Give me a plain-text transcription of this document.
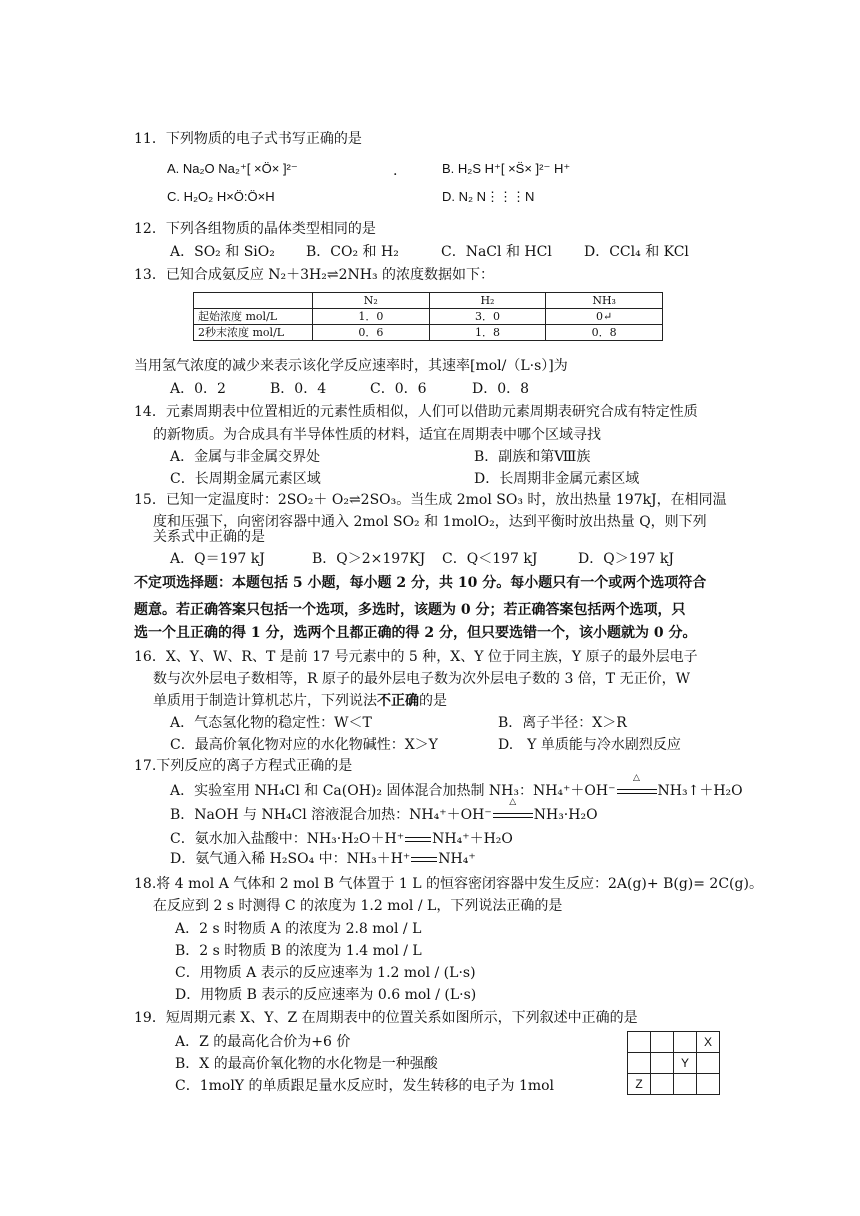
11．下列物质的电子式书写正确的是
A. Na₂O Na₂⁺[ ×Ö× ]²⁻	.	B. H₂S H⁺[ ×S̈× ]²⁻ H⁺
C. H₂O₂ H×Ö:Ö×H	D. N₂ N⋮⋮⋮N
12．下列各组物质的晶体类型相同的是
A．SO₂ 和 SiO₂ B．CO₂ 和 H₂	C．NaCl 和 HCl D．CCl₄ 和 KCl
13．已知合成氨反应 N₂＋3H₂⇌2NH₃ 的浓度数据如下：
	N₂	H₂	NH₃
起始浓度 mol/L	1．0	3．0	0↵
2秒末浓度 mol/L	0．6	1．8	0．8
当用氢气浓度的减少来表示该化学反应速率时，其速率[mol/（L·s）]为
A．0．2	B．0．4	C．0．6	D．0．8
14．元素周期表中位置相近的元素性质相似，人们可以借助元素周期表研究合成有特定性质
的新物质。为合成具有半导体性质的材料，适宜在周期表中哪个区域寻找
A．金属与非金属交界处	B．副族和第Ⅷ族
C．长周期金属元素区域	D．长周期非金属元素区域
15．已知一定温度时：2SO₂＋ O₂⇌2SO₃。当生成 2mol SO₃ 时，放出热量 197kJ，在相同温
度和压强下，向密闭容器中通入 2mol SO₂ 和 1molO₂，达到平衡时放出热量 Q，则下列
关系式中正确的是
A．Q＝197 kJ	B．Q＞2×197KJ C．Q＜197 kJ	D．Q＞197 kJ
不定项选择题：本题包括 5 小题，每小题 2 分，共 10 分。每小题只有一个或两个选项符合
题意。若正确答案只包括一个选项，多选时，该题为 0 分；若正确答案包括两个选项，只
选一个且正确的得 1 分，选两个且都正确的得 2 分，但只要选错一个，该小题就为 0 分。
16．X、Y、W、R、T 是前 17 号元素中的 5 种，X、Y 位于同主族，Y 原子的最外层电子
数与次外层电子数相等，R 原子的最外层电子数为次外层电子数的 3 倍，T 无正价，W
单质用于制造计算机芯片，下列说法不正确的是
A．气态氢化物的稳定性：W＜T	B．离子半径：X＞R
C．最高价氧化物对应的水化物碱性：X＞Y	D.　Y 单质能与冷水剧烈反应
17.下列反应的离子方程式正确的是
A．实验室用 NH₄Cl 和 Ca(OH)₂ 固体混合加热制 NH₃：NH₄⁺＋OH⁻
△
NH₃↑＋H₂O
B．NaOH 与 NH₄Cl 溶液混合加热：NH₄⁺＋OH⁻
△
NH₃·H₂O
C．氨水加入盐酸中：NH₃·H₂O＋H⁺ NH₄⁺＋H₂O
D．氨气通入稀 H₂SO₄ 中：NH₃＋H⁺ NH₄⁺
18.将 4 mol A 气体和 2 mol B 气体置于 1 L 的恒容密闭容器中发生反应：2A(g)+ B(g)= 2C(g)。
在反应到 2 s 时测得 C 的浓度为 1.2 mol / L，下列说法正确的是
A．2 s 时物质 A 的浓度为 2.8 mol / L
B．2 s 时物质 B 的浓度为 1.4 mol / L
C．用物质 A 表示的反应速率为 1.2 mol / (L·s)
D．用物质 B 表示的反应速率为 0.6 mol / (L·s)
19．短周期元素 X、Y、Z 在周期表中的位置关系如图所示，下列叙述中正确的是
A．Z 的最高化合价为+6 价
B．X 的最高价氧化物的水化物是一种强酸
C．1molY 的单质跟足量水反应时，发生转移的电子为 1mol
			X
		Y	
Z			
